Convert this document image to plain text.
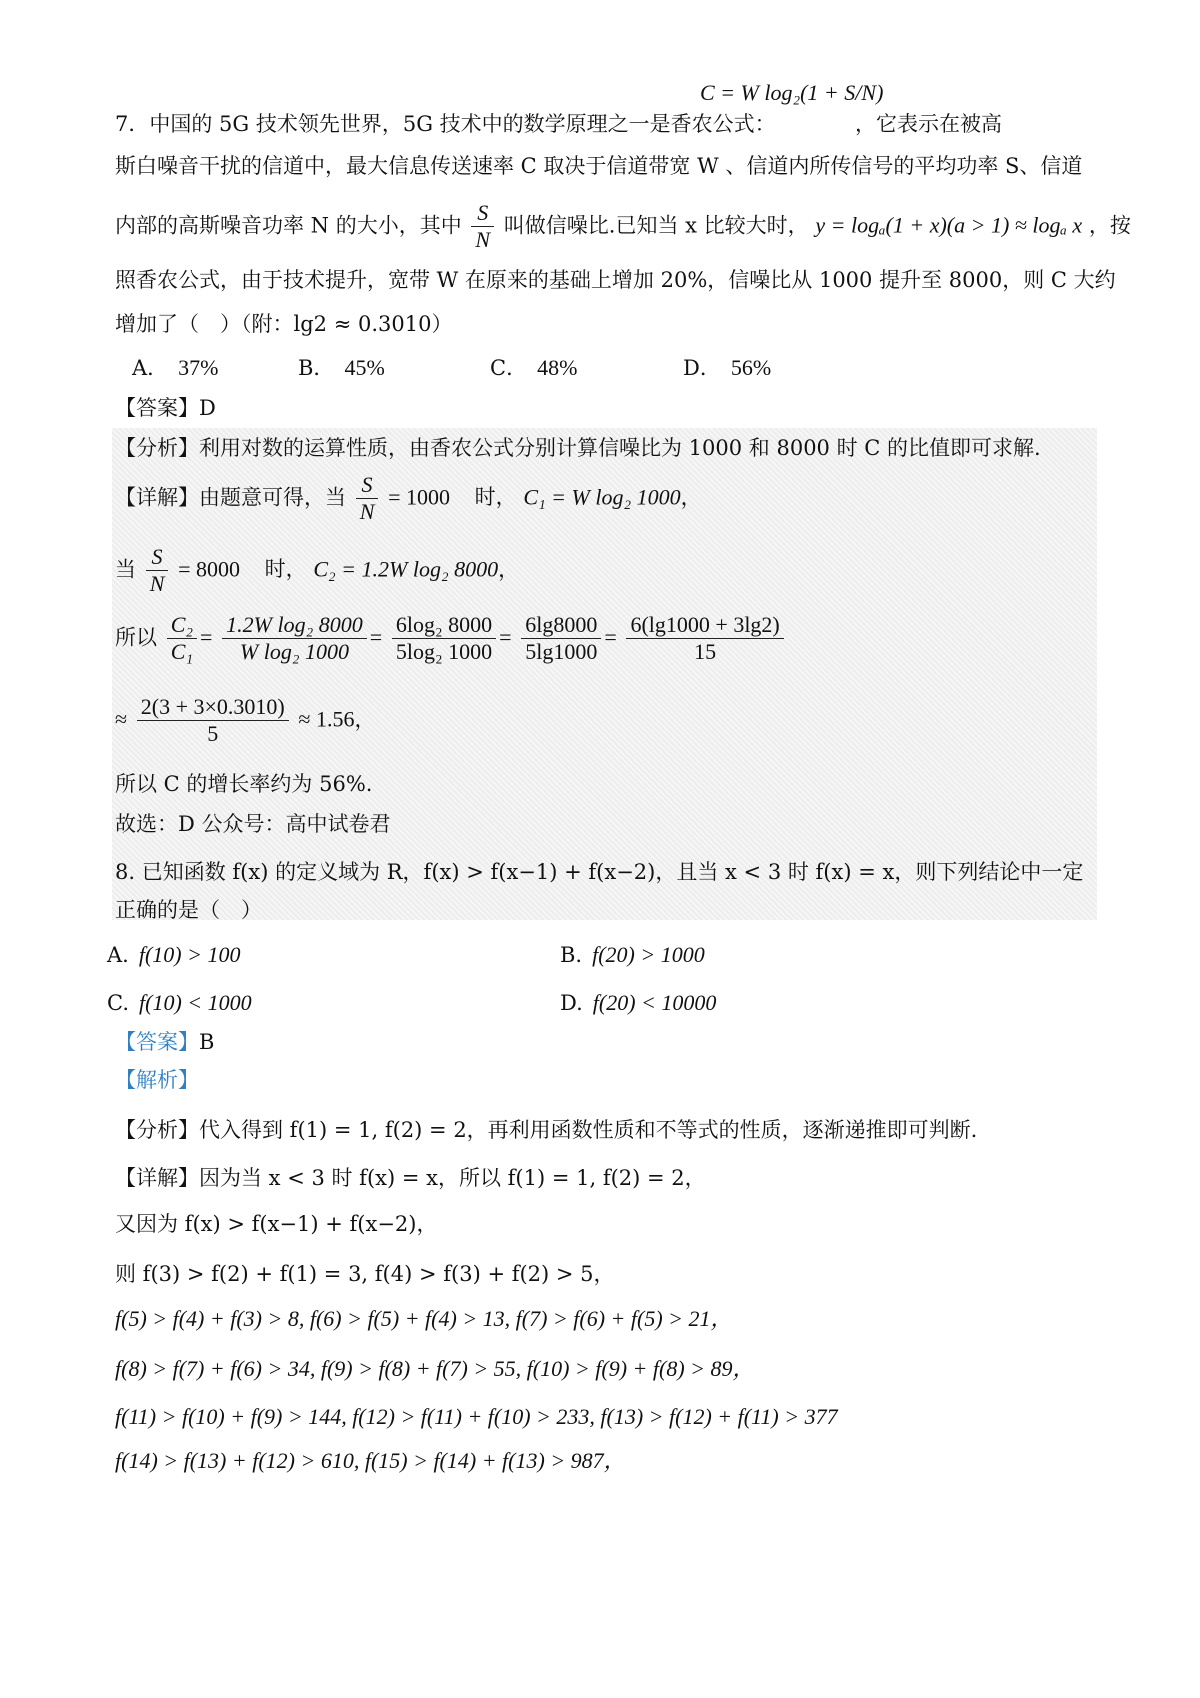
C = W log₂(1 + S/N)
7．中国的 5G 技术领先世界，5G 技术中的数学原理之一是香农公式：	，它表示在被高
斯白噪音干扰的信道中，最大信息传送速率 C 取决于信道带宽 W 、信道内所传信号的平均功率 S、信道
内部的高斯噪音功率 N 的大小，其中 $\frac{S}{N}$ 叫做信噪比.已知当 x 比较大时， y = logₐ(1 + x)(a > 1) ≈ logₐ x ，按
照香农公式，由于技术提升，宽带 W 在原来的基础上增加 20%，信噪比从 1000 提升至 8000，则 C 大约
增加了（　）（附：lg2 ≈ 0.3010）
A． 37%	B． 45%	C． 48%	D． 56%
【答案】D
【分析】利用对数的运算性质，由香农公式分别计算信噪比为 1000 和 8000 时 C 的比值即可求解.
【详解】由题意可得，当 $\frac{S}{N} = 1000$ 时， C₁ = W log₂ 1000，
当 $\frac{S}{N} = 8000$ 时， C₂ = 1.2W log₂ 8000，
所以 $\frac{\text{C₂}}{\text{C₁}} = \frac{\text{1.2W log₂ 8000}}{\text{W log₂ 1000}} = \frac{\text{6log₂ 8000}}{\text{5log₂ 1000}} = \frac{6\lg 8000}{5\lg 1000} = \frac{6(\lg 1000 + 3\lg 2)}{15}$
≈ $\frac{2(3 + 3\times 0.3010)}{5} \approx 1.56$，
所以 C 的增长率约为 56%.
故选：D 公众号：高中试卷君
8. 已知函数 f(x) 的定义域为 R，f(x) > f(x−1) + f(x−2)，且当 x < 3 时 f(x) = x，则下列结论中一定
正确的是（　）
A. f(10) > 100	B. f(20) > 1000
C. f(10) < 1000	D. f(20) < 10000
【答案】B
【解析】
【分析】代入得到 f(1) = 1, f(2) = 2，再利用函数性质和不等式的性质，逐渐递推即可判断.
【详解】因为当 x < 3 时 f(x) = x，所以 f(1) = 1, f(2) = 2，
又因为 f(x) > f(x−1) + f(x−2)，
则 f(3) > f(2) + f(1) = 3, f(4) > f(3) + f(2) > 5，
f(5) > f(4) + f(3) > 8, f(6) > f(5) + f(4) > 13, f(7) > f(6) + f(5) > 21，
f(8) > f(7) + f(6) > 34, f(9) > f(8) + f(7) > 55, f(10) > f(9) + f(8) > 89，
f(11) > f(10) + f(9) > 144, f(12) > f(11) + f(10) > 233, f(13) > f(12) + f(11) > 377
f(14) > f(13) + f(12) > 610, f(15) > f(14) + f(13) > 987，
